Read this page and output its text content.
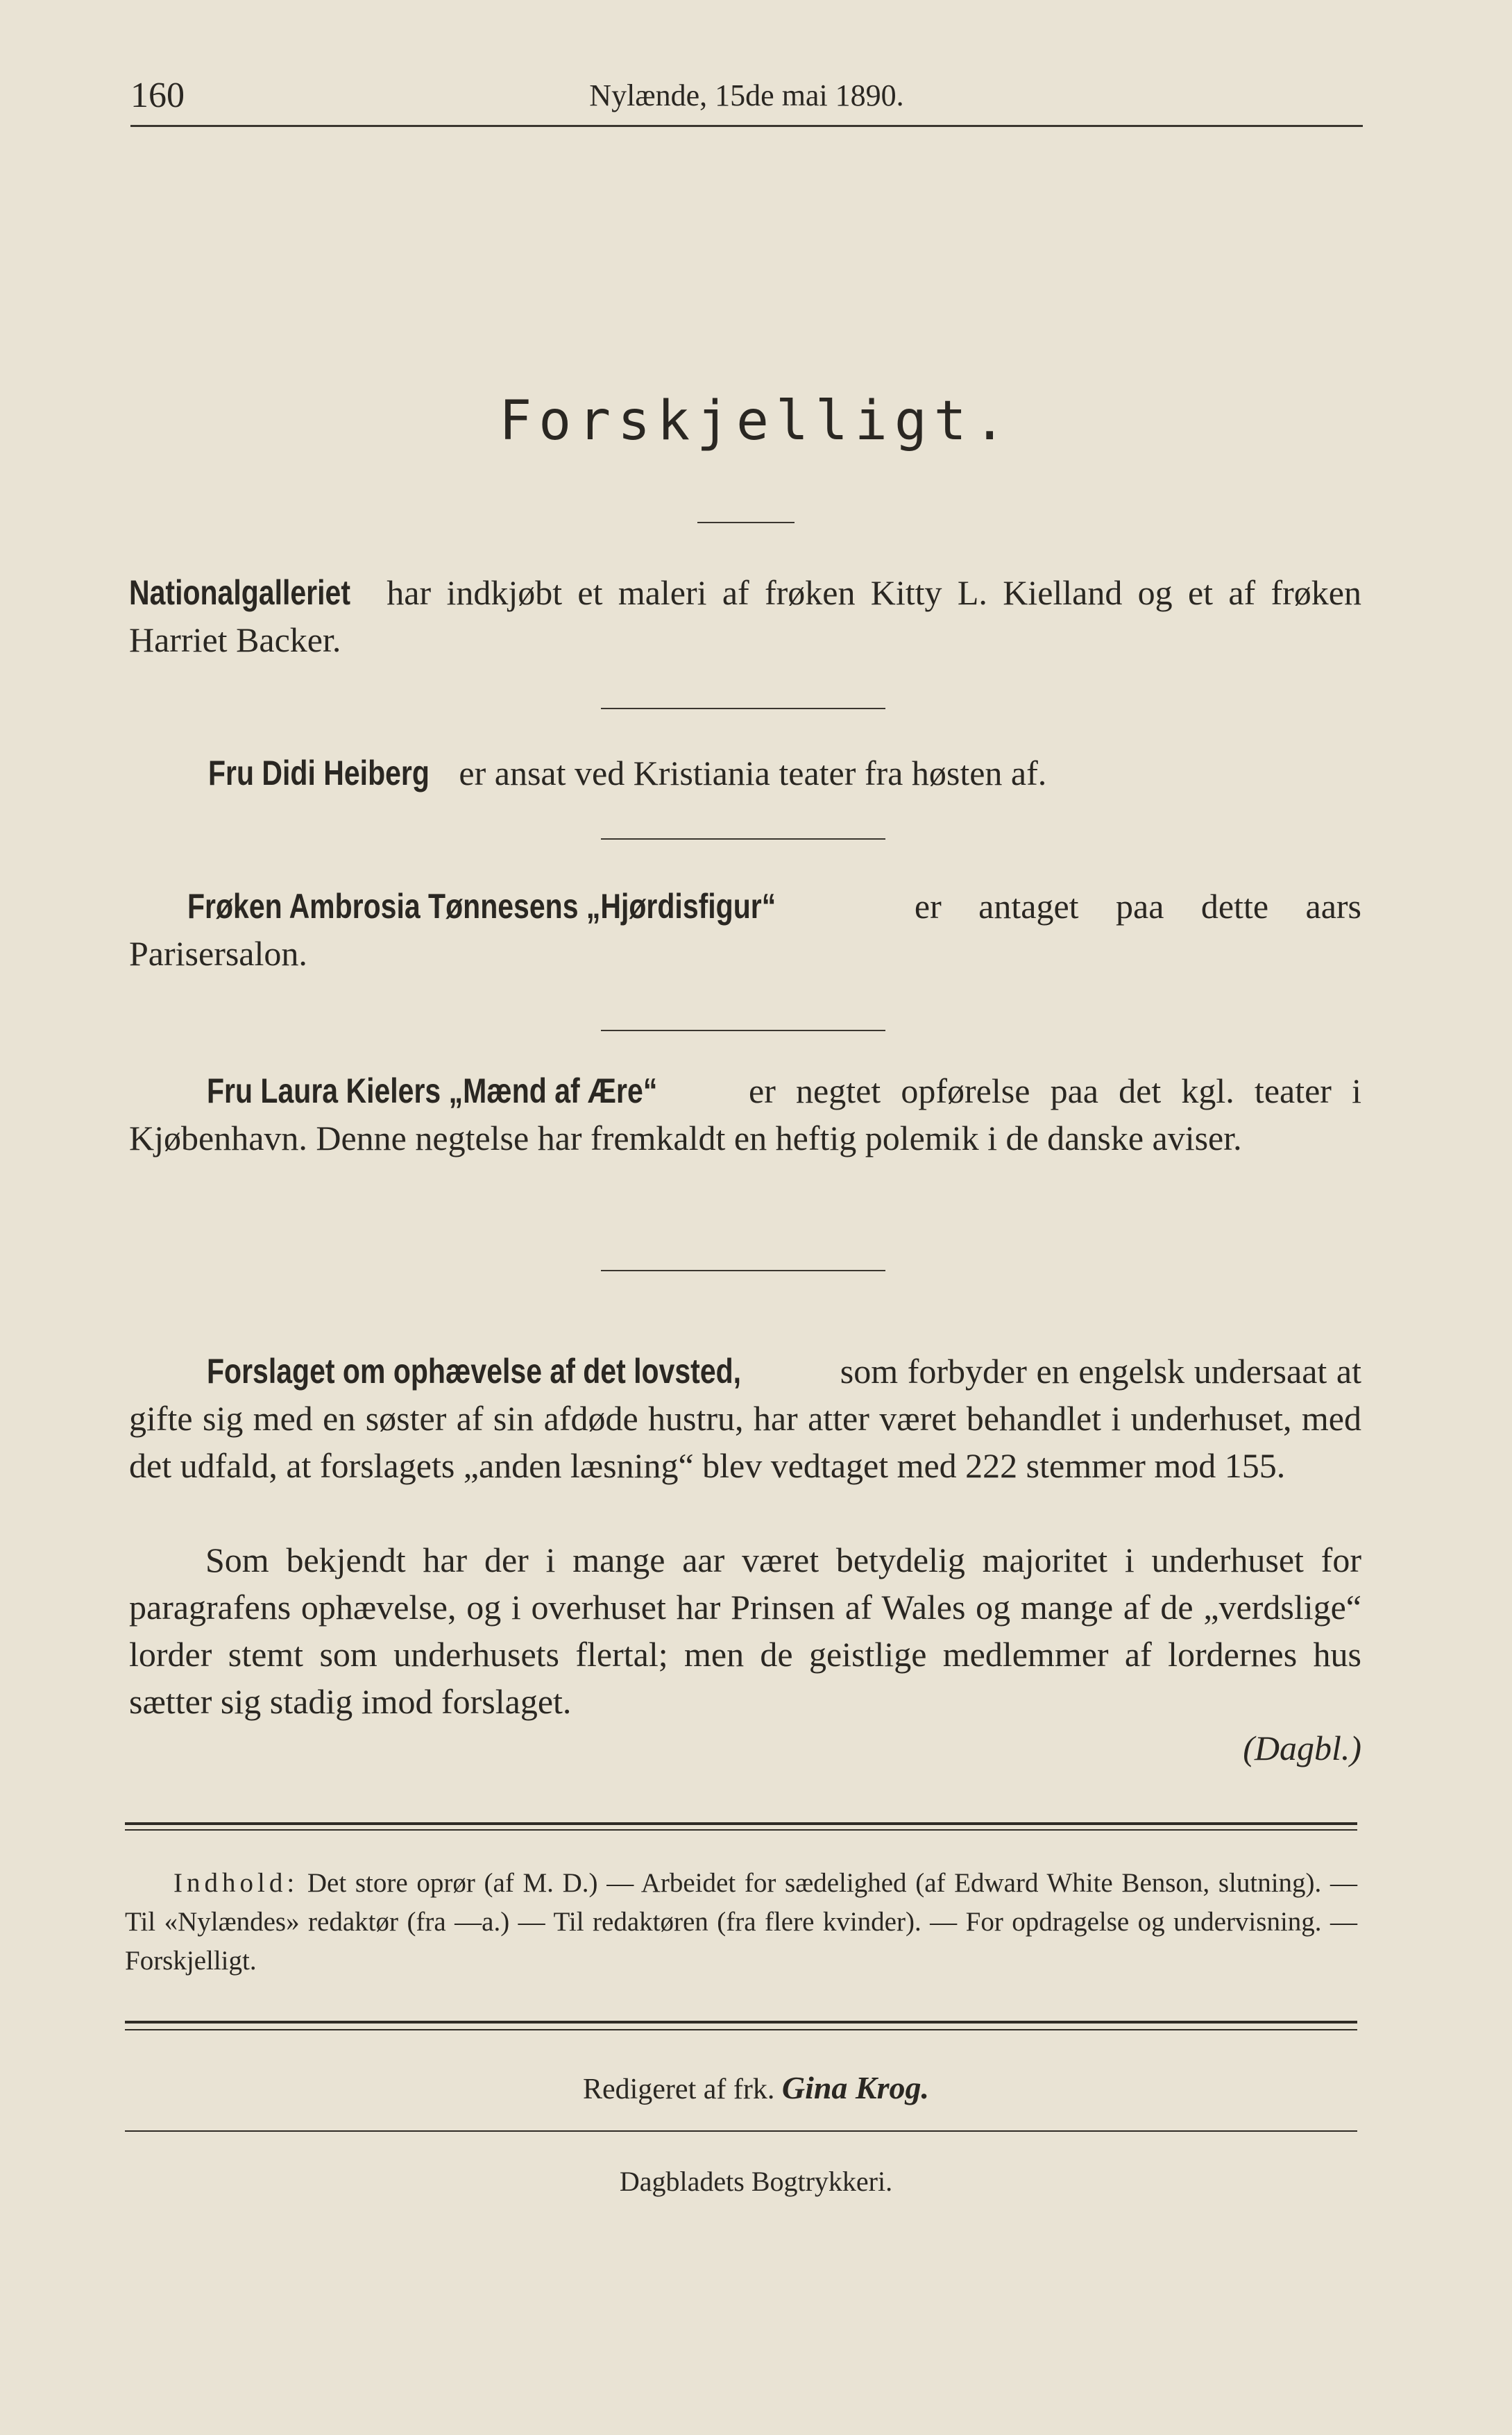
160	Nylænde, 15de mai 1890.
Forskjelligt.
Nationalgalleriet har indkjøbt et maleri af frøken Kitty L. Kielland og et af frøken Harriet Backer.
Fru Didi Heiberg er ansat ved Kristiania teater fra høsten af.
Frøken Ambrosia Tønnesens „Hjørdisfigur“	er antaget paa dette aars Parisersalon.
Fru Laura Kielers „Mænd af Ære“ er negtet opførelse paa det kgl. teater i Kjøbenhavn. Denne negtelse har fremkaldt en heftig polemik i de danske aviser.
Forslaget om ophævelse af det lovsted,	som forbyder en engelsk undersaat at gifte sig med en søster af sin afdøde hustru, har atter været behandlet i underhuset, med det udfald, at forslagets „anden læsning“ blev vedtaget med 222 stemmer mod 155.
Som bekjendt har der i mange aar været betydelig majoritet i underhuset for paragrafens ophævelse, og i overhuset har Prinsen af Wales og mange af de „verdslige“ lorder stemt som underhusets flertal; men de geistlige medlemmer af lordernes hus sætter sig stadig imod forslaget.
(Dagbl.)
Indhold: Det store oprør (af M. D.) — Arbeidet for sædelighed (af Edward White Benson, slutning). — Til «Nylændes» redaktør (fra —a.) — Til redaktøren (fra flere kvinder). — For opdragelse og undervisning. — Forskjelligt.
Redigeret af frk. Gina Krog.
Dagbladets Bogtrykkeri.
